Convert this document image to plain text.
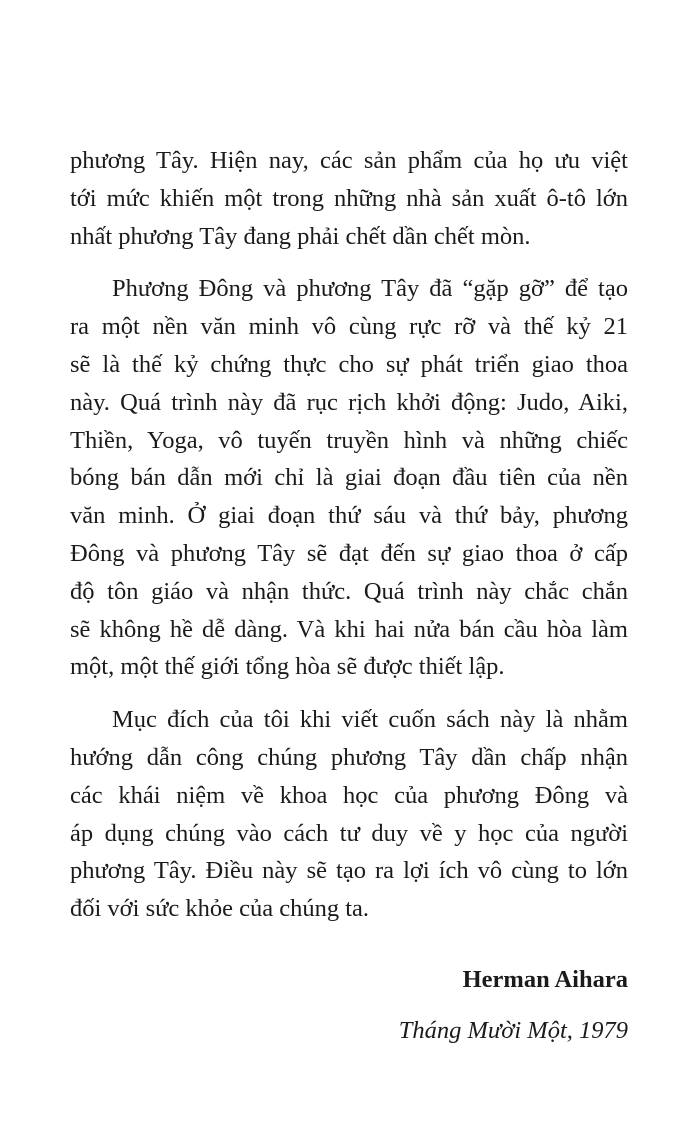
phương Tây. Hiện nay, các sản phẩm của họ ưu việt
tới mức khiến một trong những nhà sản xuất ô-tô lớn
nhất phương Tây đang phải chết dần chết mòn.
Phương Đông và phương Tây đã “gặp gỡ” để tạo
ra một nền văn minh vô cùng rực rỡ và thế kỷ 21
sẽ là thế kỷ chứng thực cho sự phát triển giao thoa
này. Quá trình này đã rục rịch khởi động: Judo, Aiki,
Thiền, Yoga, vô tuyến truyền hình và những chiếc
bóng bán dẫn mới chỉ là giai đoạn đầu tiên của nền
văn minh. Ở giai đoạn thứ sáu và thứ bảy, phương
Đông và phương Tây sẽ đạt đến sự giao thoa ở cấp
độ tôn giáo và nhận thức. Quá trình này chắc chắn
sẽ không hề dễ dàng. Và khi hai nửa bán cầu hòa làm
một, một thế giới tổng hòa sẽ được thiết lập.
Mục đích của tôi khi viết cuốn sách này là nhằm
hướng dẫn công chúng phương Tây dần chấp nhận
các khái niệm về khoa học của phương Đông và
áp dụng chúng vào cách tư duy về y học của người
phương Tây. Điều này sẽ tạo ra lợi ích vô cùng to lớn
đối với sức khỏe của chúng ta.
Herman Aihara
Tháng Mười Một, 1979
